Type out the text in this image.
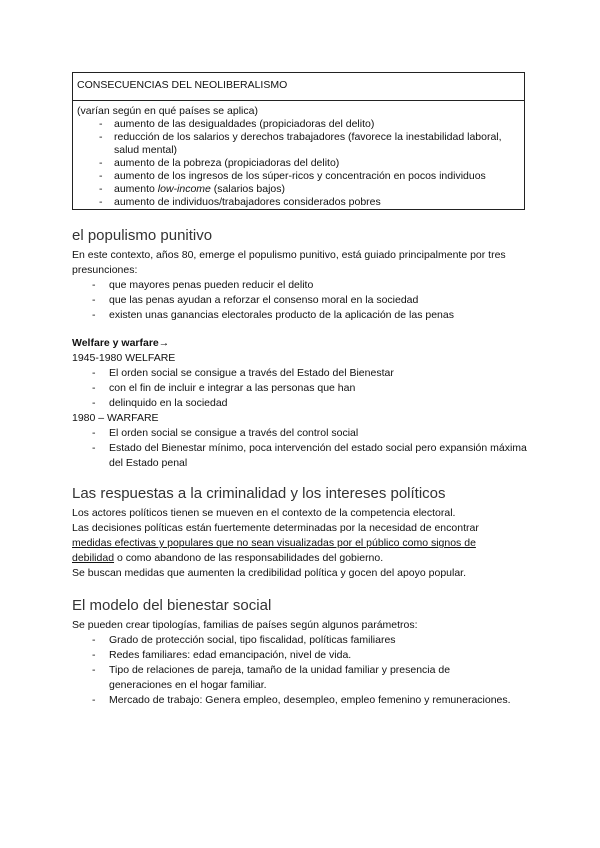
CONSECUENCIAS DEL NEOLIBERALISMO
(varían según en qué países se aplica)
- aumento de las desigualdades (propiciadoras del delito)
- reducción de los salarios y derechos trabajadores (favorece la inestabilidad laboral, salud mental)
- aumento de la pobreza (propiciadoras del delito)
- aumento de los ingresos de los súper-ricos y concentración en pocos individuos
- aumento low-income (salarios bajos)
- aumento de individuos/trabajadores considerados pobres
el populismo punitivo
En este contexto, años 80, emerge el populismo punitivo, está guiado principalmente por tres presunciones:
- que mayores penas pueden reducir el delito
- que las penas ayudan a reforzar el consenso moral en la sociedad
- existen unas ganancias electorales producto de la aplicación de las penas
Welfare y warfare→
1945-1980 WELFARE
- El orden social se consigue a través del Estado del Bienestar
- con el fin de incluir e integrar a las personas que han
- delinquido en la sociedad
1980 – WARFARE
- El orden social se consigue a través del control social
- Estado del Bienestar mínimo, poca intervención del estado social pero expansión máxima del Estado penal
Las respuestas a la criminalidad y los intereses políticos
Los actores políticos tienen se mueven en el contexto de la competencia electoral.
Las decisiones políticas están fuertemente determinadas por la necesidad de encontrar medidas efectivas y populares que no sean visualizadas por el público como signos de debilidad o como abandono de las responsabilidades del gobierno.
Se buscan medidas que aumenten la credibilidad política y gocen del apoyo popular.
El modelo del bienestar social
Se pueden crear tipologías, familias de países según algunos parámetros:
- Grado de protección social, tipo fiscalidad, políticas familiares
- Redes familiares: edad emancipación, nivel de vida.
- Tipo de relaciones de pareja, tamaño de la unidad familiar y presencia de generaciones en el hogar familiar.
- Mercado de trabajo: Genera empleo, desempleo, empleo femenino y remuneraciones.
